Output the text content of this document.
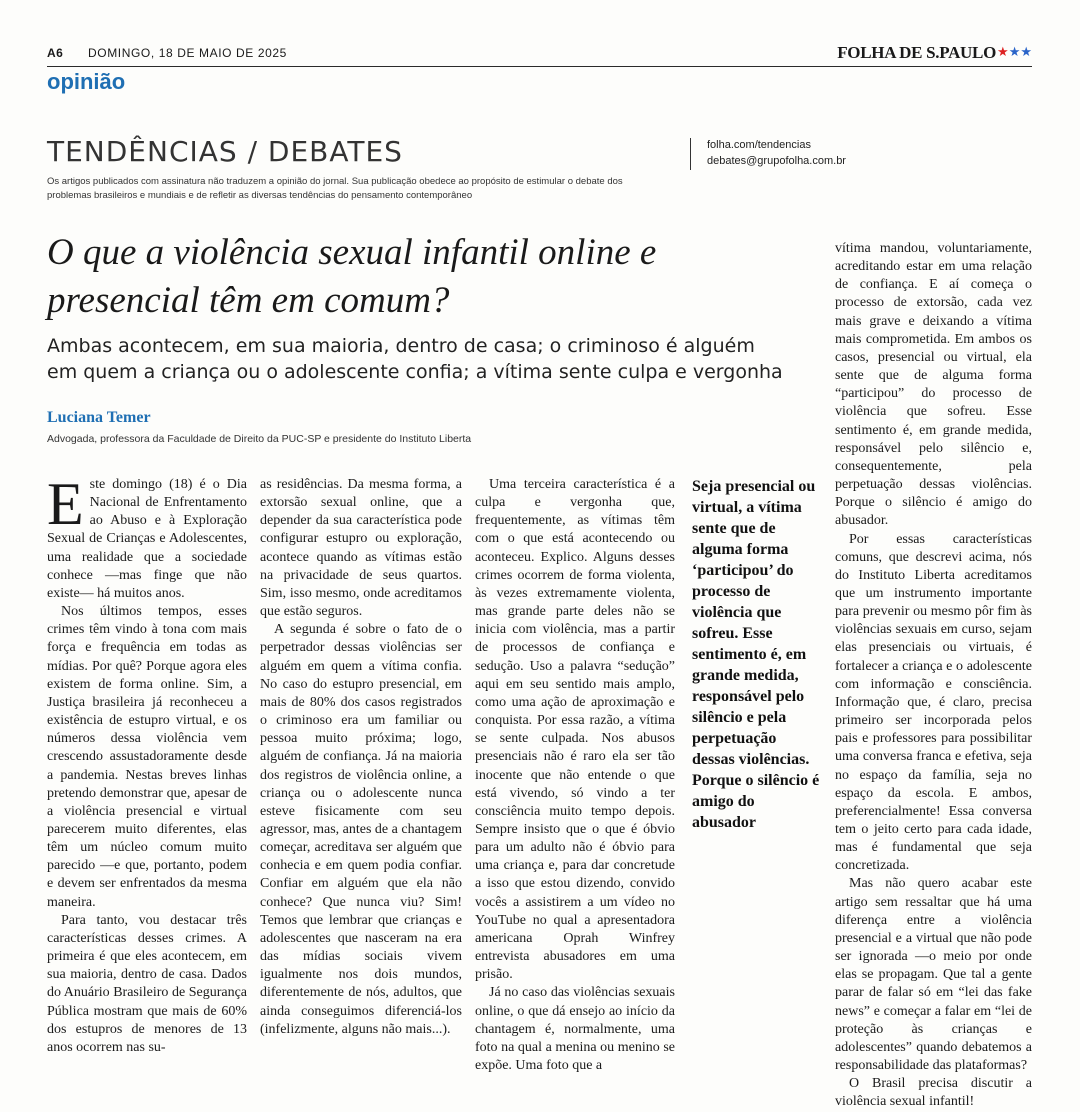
A6 DOMINGO, 18 DE MAIO DE 2025	FOLHA DE S.PAULO ★★★
opinião
TENDÊNCIAS / DEBATES
Os artigos publicados com assinatura não traduzem a opinião do jornal. Sua publicação obedece ao propósito de estimular o debate dos problemas brasileiros e mundiais e de refletir as diversas tendências do pensamento contemporâneo
folha.com/tendencias
debates@grupofolha.com.br
O que a violência sexual infantil online e presencial têm em comum?
Ambas acontecem, em sua maioria, dentro de casa; o criminoso é alguém em quem a criança ou o adolescente confia; a vítima sente culpa e vergonha
Luciana Temer
Advogada, professora da Faculdade de Direito da PUC-SP e presidente do Instituto Liberta

Este domingo (18) é o Dia Nacional de Enfrentamento ao Abuso e à Exploração Sexual de Crianças e Adolescentes, uma realidade que a sociedade conhece —mas finge que não existe— há muitos anos.

Nos últimos tempos, esses crimes têm vindo à tona com mais força e frequência em todas as mídias. Por quê? Porque agora eles existem de forma online. Sim, a Justiça brasileira já reconheceu a existência de estupro virtual, e os números dessa violência vem crescendo assustadoramente desde a pandemia. Nestas breves linhas pretendo demonstrar que, apesar de a violência presencial e virtual parecerem muito diferentes, elas têm um núcleo comum muito parecido —e que, portanto, podem e devem ser enfrentados da mesma maneira.

Para tanto, vou destacar três características desses crimes. A primeira é que eles acontecem, em sua maioria, dentro de casa. Dados do Anuário Brasileiro de Segurança Pública mostram que mais de 60% dos estupros de menores de 13 anos ocorrem nas su-

as residências. Da mesma forma, a extorsão sexual online, que a depender da sua característica pode configurar estupro ou exploração, acontece quando as vítimas estão na privacidade de seus quartos. Sim, isso mesmo, onde acreditamos que estão seguros.

A segunda é sobre o fato de o perpetrador dessas violências ser alguém em quem a vítima confia. No caso do estupro presencial, em mais de 80% dos casos registrados o criminoso era um familiar ou pessoa muito próxima; logo, alguém de confiança. Já na maioria dos registros de violência online, a criança ou o adolescente nunca esteve fisicamente com seu agressor, mas, antes de a chantagem começar, acreditava ser alguém que conhecia e em quem podia confiar. Confiar em alguém que ela não conhece? Que nunca viu? Sim! Temos que lembrar que crianças e adolescentes que nasceram na era das mídias sociais vivem igualmente nos dois mundos, diferentemente de nós, adultos, que ainda conseguimos diferenciá-los (infelizmente, alguns não mais...).

Uma terceira característica é a culpa e vergonha que, frequentemente, as vítimas têm com o que está acontecendo ou aconteceu. Explico. Alguns desses crimes ocorrem de forma violenta, às vezes extremamente violenta, mas grande parte deles não se inicia com violência, mas a partir de processos de confiança e sedução. Uso a palavra “sedução” aqui em seu sentido mais amplo, como uma ação de aproximação e conquista. Por essa razão, a vítima se sente culpada. Nos abusos presenciais não é raro ela ser tão inocente que não entende o que está vivendo, só vindo a ter consciência muito tempo depois. Sempre insisto que o que é óbvio para um adulto não é óbvio para uma criança e, para dar concretude a isso que estou dizendo, convido vocês a assistirem a um vídeo no YouTube no qual a apresentadora americana Oprah Winfrey entrevista abusadores em uma prisão.

Já no caso das violências sexuais online, o que dá ensejo ao início da chantagem é, normalmente, uma foto na qual a menina ou menino se expõe. Uma foto que a

Seja presencial ou virtual, a vítima sente que de alguma forma ‘participou’ do processo de violência que sofreu. Esse sentimento é, em grande medida, responsável pelo silêncio e pela perpetuação dessas violências. Porque o silêncio é amigo do abusador

vítima mandou, voluntariamente, acreditando estar em uma relação de confiança. E aí começa o processo de extorsão, cada vez mais grave e deixando a vítima mais comprometida. Em ambos os casos, presencial ou virtual, ela sente que de alguma forma “participou” do processo de violência que sofreu. Esse sentimento é, em grande medida, responsável pelo silêncio e, consequentemente, pela perpetuação dessas violências. Porque o silêncio é amigo do abusador.

Por essas características comuns, que descrevi acima, nós do Instituto Liberta acreditamos que um instrumento importante para prevenir ou mesmo pôr fim às violências sexuais em curso, sejam elas presenciais ou virtuais, é fortalecer a criança e o adolescente com informação e consciência. Informação que, é claro, precisa primeiro ser incorporada pelos pais e professores para possibilitar uma conversa franca e efetiva, seja no espaço da família, seja no espaço da escola. E ambos, preferencialmente! Essa conversa tem o jeito certo para cada idade, mas é fundamental que seja concretizada.

Mas não quero acabar este artigo sem ressaltar que há uma diferença entre a violência presencial e a virtual que não pode ser ignorada —o meio por onde elas se propagam. Que tal a gente parar de falar só em “lei das fake news” e começar a falar em “lei de proteção às crianças e adolescentes” quando debatemos a responsabilidade das plataformas?

O Brasil precisa discutir a violência sexual infantil!
